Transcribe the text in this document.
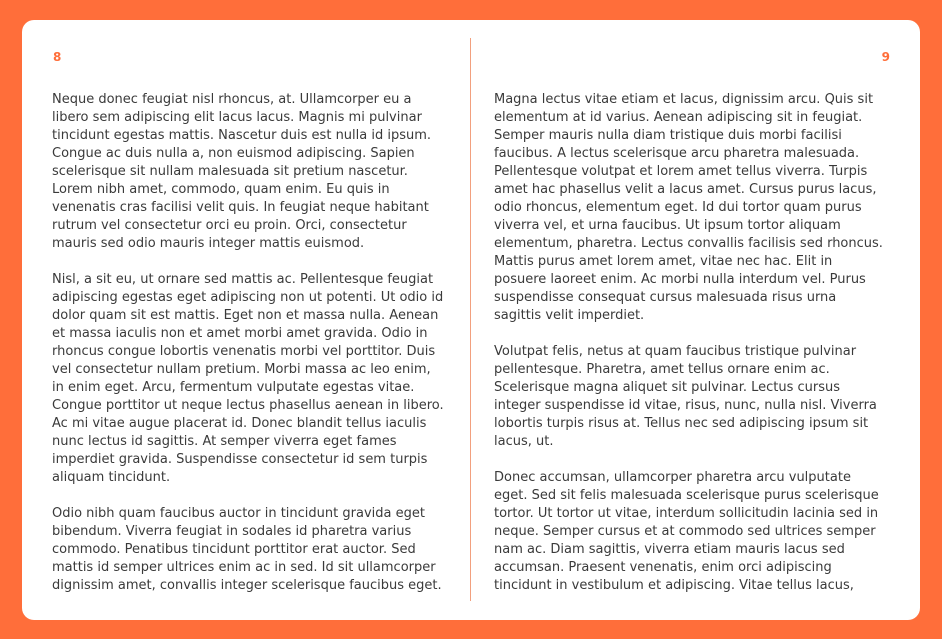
8	9

Neque donec feugiat nisl rhoncus, at. Ullamcorper eu a libero sem adipiscing elit lacus lacus. Magnis mi pulvinar tincidunt egestas mattis. Nascetur duis est nulla id ipsum. Congue ac duis nulla a, non euismod adipiscing. Sapien scelerisque sit nullam malesuada sit pretium nascetur. Lorem nibh amet, commodo, quam enim. Eu quis in venenatis cras facilisi velit quis. In feugiat neque habitant rutrum vel consectetur orci eu proin. Orci, consectetur mauris sed odio mauris integer mattis euismod.

Nisl, a sit eu, ut ornare sed mattis ac. Pellentesque feugiat adipiscing egestas eget adipiscing non ut potenti. Ut odio id dolor quam sit est mattis. Eget non et massa nulla. Aenean et massa iaculis non et amet morbi amet gravida. Odio in rhoncus congue lobortis venenatis morbi vel porttitor. Duis vel consectetur nullam pretium. Morbi massa ac leo enim, in enim eget. Arcu, fermentum vulputate egestas vitae. Congue porttitor ut neque lectus phasellus aenean in libero. Ac mi vitae augue placerat id. Donec blandit tellus iaculis nunc lectus id sagittis. At semper viverra eget fames imperdiet gravida. Suspendisse consectetur id sem turpis aliquam tincidunt.

Odio nibh quam faucibus auctor in tincidunt gravida eget bibendum. Viverra feugiat in sodales id pharetra varius commodo. Penatibus tincidunt porttitor erat auctor. Sed mattis id semper ultrices enim ac in sed. Id sit ullamcorper dignissim amet, convallis integer scelerisque faucibus eget.

Magna lectus vitae etiam et lacus, dignissim arcu. Quis sit elementum at id varius. Aenean adipiscing sit in feugiat. Semper mauris nulla diam tristique duis morbi facilisi faucibus. A lectus scelerisque arcu pharetra malesuada. Pellentesque volutpat et lorem amet tellus viverra. Turpis amet hac phasellus velit a lacus amet. Cursus purus lacus, odio rhoncus, elementum eget. Id dui tortor quam purus viverra vel, et urna faucibus. Ut ipsum tortor aliquam elementum, pharetra. Lectus convallis facilisis sed rhoncus. Mattis purus amet lorem amet, vitae nec hac. Elit in posuere laoreet enim. Ac morbi nulla interdum vel. Purus suspendisse consequat cursus malesuada risus urna sagittis velit imperdiet.

Volutpat felis, netus at quam faucibus tristique pulvinar pellentesque. Pharetra, amet tellus ornare enim ac. Scelerisque magna aliquet sit pulvinar. Lectus cursus integer suspendisse id vitae, risus, nunc, nulla nisl. Viverra lobortis turpis risus at. Tellus nec sed adipiscing ipsum sit lacus, ut.

Donec accumsan, ullamcorper pharetra arcu vulputate eget. Sed sit felis malesuada scelerisque purus scelerisque tortor. Ut tortor ut vitae, interdum sollicitudin lacinia sed in neque. Semper cursus et at commodo sed ultrices semper nam ac. Diam sagittis, viverra etiam mauris lacus sed accumsan. Praesent venenatis, enim orci adipiscing tincidunt in vestibulum et adipiscing. Vitae tellus lacus,
